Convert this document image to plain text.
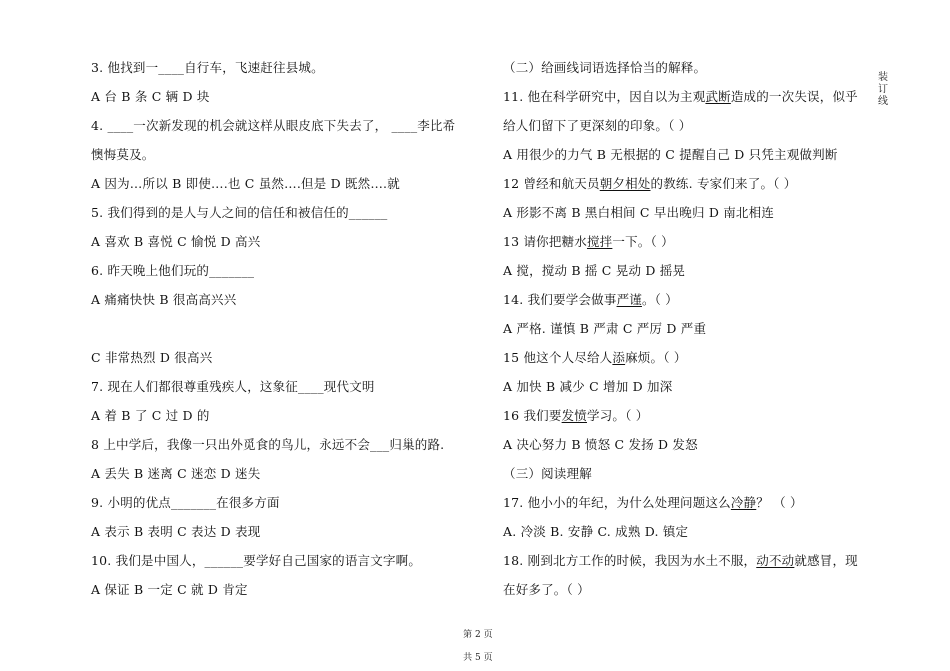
3. 他找到一____自行车，飞速赶往县城。
A 台 B 条 C 辆 D 块
4. ____一次新发现的机会就这样从眼皮底下失去了， ____李比希
懊悔莫及。
A 因为…所以 B 即使….也 C 虽然….但是 D 既然….就
5. 我们得到的是人与人之间的信任和被信任的______
A 喜欢 B 喜悦 C 愉悦 D 高兴
6. 昨天晚上他们玩的_______
A 痛痛快快 B 很高高兴兴
C 非常热烈 D 很高兴
7. 现在人们都很尊重残疾人，这象征____现代文明
A 着 B 了 C 过 D 的
8 上中学后，我像一只出外觅食的鸟儿，永远不会___归巢的路.
A 丢失 B 迷离 C 迷恋 D 迷失
9. 小明的优点_______在很多方面
A 表示 B 表明 C 表达 D 表现
10. 我们是中国人，______要学好自己国家的语言文字啊。
A 保证 B 一定 C 就 D 肯定
（二）给画线词语选择恰当的解释。
11. 他在科学研究中，因自以为主观武断造成的一次失误，似乎
给人们留下了更深刻的印象。（ ）
A 用很少的力气 B 无根据的 C 提醒自己 D 只凭主观做判断
12 曾经和航天员朝夕相处的教练. 专家们来了。（ ）
A 形影不离 B 黑白相间 C 早出晚归 D 南北相连
13 请你把糖水搅拌一下。（ ）
A 搅，搅动 B 摇 C 晃动 D 摇晃
14. 我们要学会做事严谨。（ ）
A 严格. 谨慎 B 严肃 C 严厉 D 严重
15 他这个人尽给人添麻烦。（ ）
A 加快 B 减少 C 增加 D 加深
16 我们要发愤学习。（ ）
A 决心努力 B 愤怒 C 发扬 D 发怒
（三）阅读理解
17. 他小小的年纪，为什么处理问题这么冷静？ （ ）
A. 冷淡 B. 安静 C. 成熟 D. 镇定
18. 刚到北方工作的时候，我因为水土不服，动不动就感冒，现
在好多了。（ ）
装
订
线

第 2 页

共 5 页
